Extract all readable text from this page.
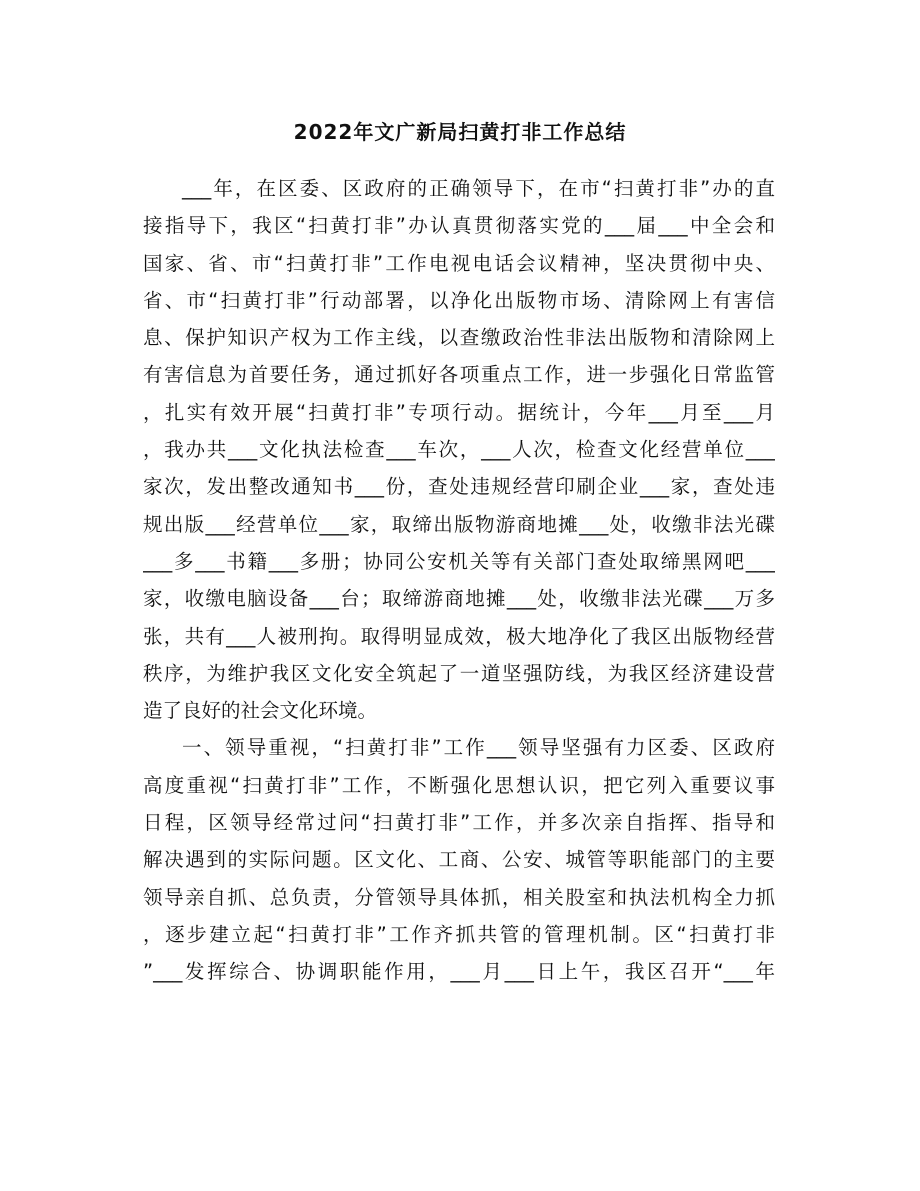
2022年文广新局扫黄打非工作总结
___年，在区委、区政府的正确领导下，在市“扫黄打非”办的直
接指导下，我区“扫黄打非”办认真贯彻落实党的___届___中全会和
国家、省、市“扫黄打非”工作电视电话会议精神，坚决贯彻中央、
省、市“扫黄打非”行动部署，以净化出版物市场、清除网上有害信
息、保护知识产权为工作主线，以查缴政治性非法出版物和清除网上
有害信息为首要任务，通过抓好各项重点工作，进一步强化日常监管
，扎实有效开展“扫黄打非”专项行动。据统计，今年___月至___月
，我办共___文化执法检查___车次，___人次，检查文化经营单位___
家次，发出整改通知书___份，查处违规经营印刷企业___家，查处违
规出版___经营单位___家，取缔出版物游商地摊___处，收缴非法光碟
___多___书籍___多册；协同公安机关等有关部门查处取缔黑网吧___
家，收缴电脑设备___台；取缔游商地摊___处，收缴非法光碟___万多
张，共有___人被刑拘。取得明显成效，极大地净化了我区出版物经营
秩序，为维护我区文化安全筑起了一道坚强防线，为我区经济建设营
造了良好的社会文化环境。
一、领导重视，“扫黄打非”工作___领导坚强有力区委、区政府
高度重视“扫黄打非”工作，不断强化思想认识，把它列入重要议事
日程，区领导经常过问“扫黄打非”工作，并多次亲自指挥、指导和
解决遇到的实际问题。区文化、工商、公安、城管等职能部门的主要
领导亲自抓、总负责，分管领导具体抓，相关股室和执法机构全力抓
，逐步建立起“扫黄打非”工作齐抓共管的管理机制。区“扫黄打非
”___发挥综合、协调职能作用，___月___日上午，我区召开“___年
